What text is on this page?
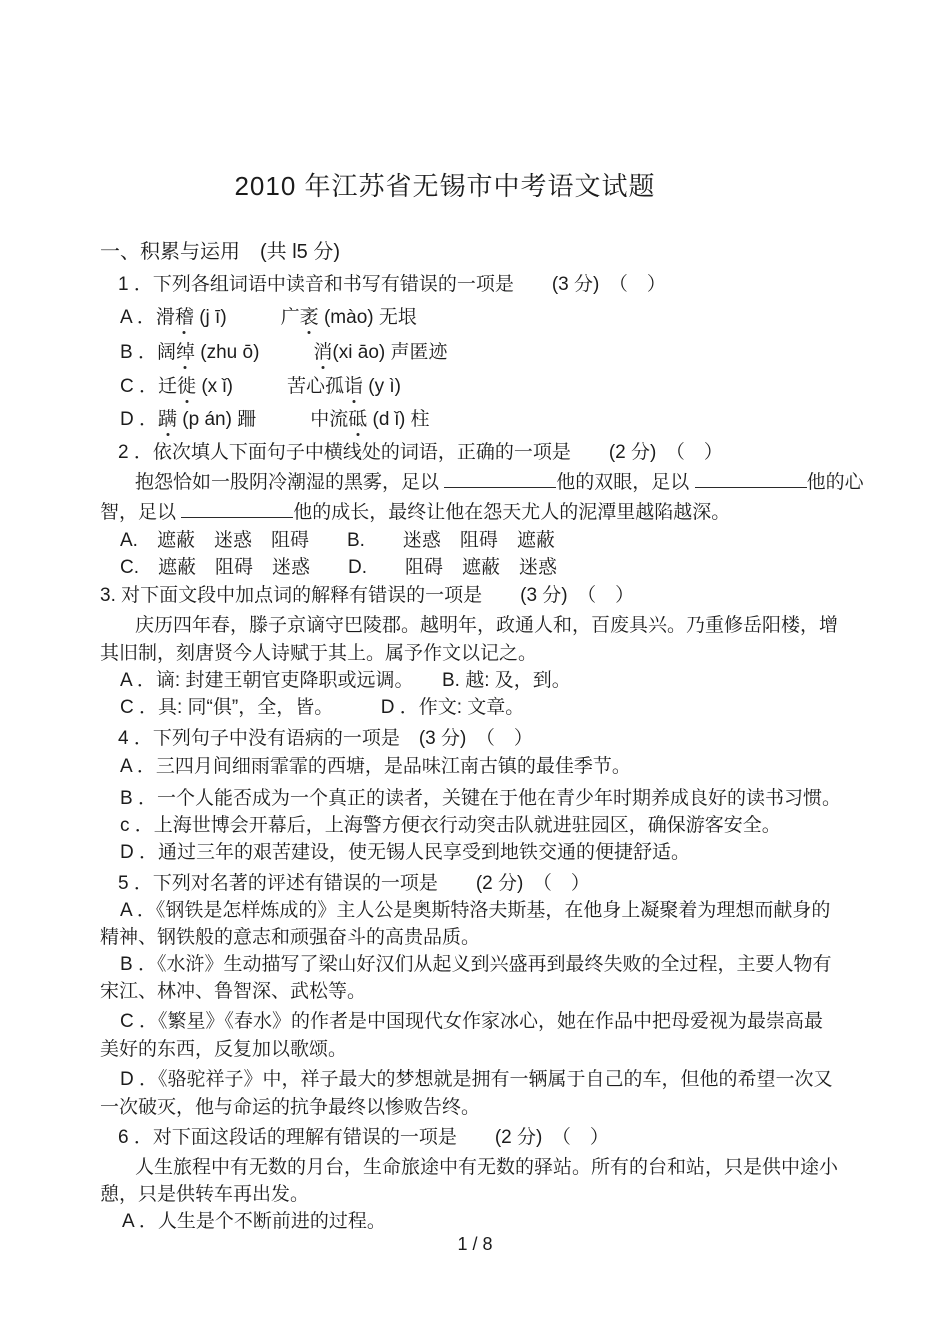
2010 年江苏省无锡市中考语文试题
一、积累与运用　(共 l5 分)
1 ．下列各组词语中读音和书写有错误的一项是　　(3 分)　（　）
A ．滑稽 (j ī)	广袤 (mào) 无垠
B ．阔绰 (zhu ō)	消(xi āo) 声匿迹
C ．迁徙 (x ǐ)	苦心孤诣 (y ì)
D ．蹒 (p án) 跚	中流砥 (d ǐ) 柱
2 ．依次填人下面句子中横线处的词语，正确的一项是　　(2 分)　（　）
抱怨恰如一股阴冷潮湿的黑雾，足以	他的双眼，足以	他的心
智，足以	他的成长，最终让他在怨天尤人的泥潭里越陷越深。
A.　遮蔽　迷惑　阻碍　　B.　　迷惑　阻碍　遮蔽
C.　遮蔽　阻碍　迷惑　　D.　　阻碍　遮蔽　迷惑
3. 对下面文段中加点词的解释有错误的一项是　　(3 分)　（　）
庆历四年春，滕子京谪守巴陵郡。越明年，政通人和，百废具兴。乃重修岳阳楼，增
其旧制，刻唐贤今人诗赋于其上。属予作文以记之。
A ．谪: 封建王朝官吏降职或远调。　　B. 越: 及，到。
C ．具: 同“俱”，全，皆。　　　D ．作文: 文章。
4 ．下列句子中没有语病的一项是　(3 分)　（　）
A ．三四月间细雨霏霏的西塘，是品味江南古镇的最佳季节。
B ．一个人能否成为一个真正的读者，关键在于他在青少年时期养成良好的读书习惯。
c ．上海世博会开幕后，上海警方便衣行动突击队就进驻园区，确保游客安全。
D ．通过三年的艰苦建设，使无锡人民享受到地铁交通的便捷舒适。
5 ．下列对名著的评述有错误的一项是　　(2 分)　（　）
A ．《钢铁是怎样炼成的》主人公是奥斯特洛夫斯基，在他身上凝聚着为理想而献身的
精神、钢铁般的意志和顽强奋斗的高贵品质。
B ．《水浒》生动描写了梁山好汉们从起义到兴盛再到最终失败的全过程，主要人物有
宋江、林冲、鲁智深、武松等。
C ．《繁星》《春水》的作者是中国现代女作家冰心，她在作品中把母爱视为最崇高最
美好的东西，反复加以歌颂。
D ．《骆驼祥子》中，祥子最大的梦想就是拥有一辆属于自己的车，但他的希望一次又
一次破灭，他与命运的抗争最终以惨败告终。
6 ．对下面这段话的理解有错误的一项是　　(2 分)　（　）
人生旅程中有无数的月台，生命旅途中有无数的驿站。所有的台和站，只是供中途小
憩，只是供转车再出发。
A ．人生是个不断前进的过程。
1 / 8
